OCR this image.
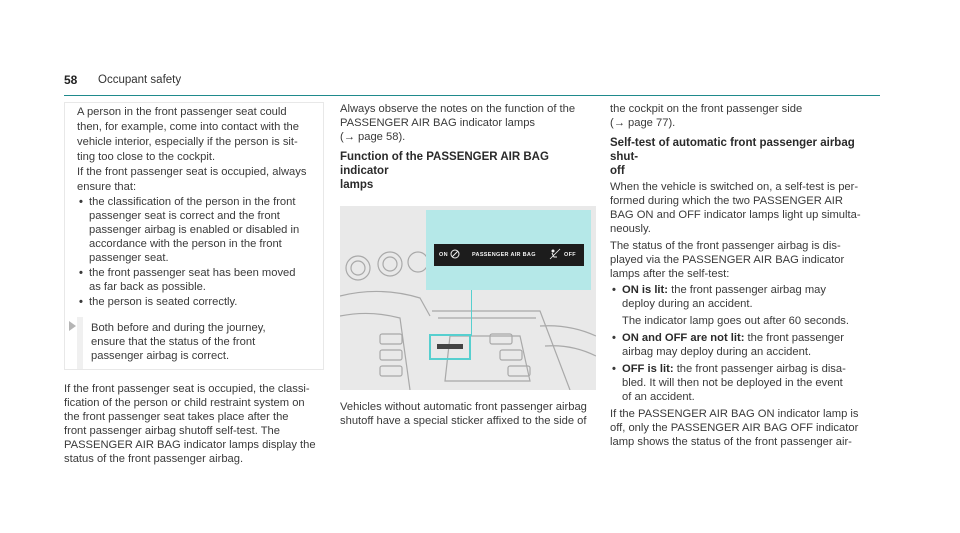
58 Occupant safety

A person in the front passenger seat could

then, for example, come into contact with the

vehicle interior, especially if the person is sit-

ting too close to the cockpit.

If the front passenger seat is occupied, always

ensure that:

• the classification of the person in the front
passenger seat is correct and the front
passenger airbag is enabled or disabled in
accordance with the person in the front
passenger seat.
• the front passenger seat has been moved
as far back as possible.
• the person is seated correctly.
Both before and during the journey,
ensure that the status of the front
passenger airbag is correct.
If the front passenger seat is occupied, the classi-
fication of the person or child restraint system on
the front passenger seat takes place after the
front passenger airbag shutoff self-test. The
PASSENGER AIR BAG indicator lamps display the
status of the front passenger airbag.
Always observe the notes on the function of the
PASSENGER AIR BAG indicator lamps
(→ page 58).
Function of the PASSENGER AIR BAG indicator
lamps
ON	PASSENGER AIR BAG	OFF
Vehicles without automatic front passenger airbag
shutoff have a special sticker affixed to the side of
the cockpit on the front passenger side
(→ page 77).
Self-test of automatic front passenger airbag shut-
off
When the vehicle is switched on, a self-test is per-
formed during which the two PASSENGER AIR
BAG ON and OFF indicator lamps light up simulta-
neously.
The status of the front passenger airbag is dis-
played via the PASSENGER AIR BAG indicator
lamps after the self-test:
• ON is lit: the front passenger airbag may
deploy during an accident.
The indicator lamp goes out after 60 seconds.
• ON and OFF are not lit: the front passenger
airbag may deploy during an accident.
• OFF is lit: the front passenger airbag is disa-
bled. It will then not be deployed in the event
of an accident.
If the PASSENGER AIR BAG ON indicator lamp is
off, only the PASSENGER AIR BAG OFF indicator
lamp shows the status of the front passenger air-
